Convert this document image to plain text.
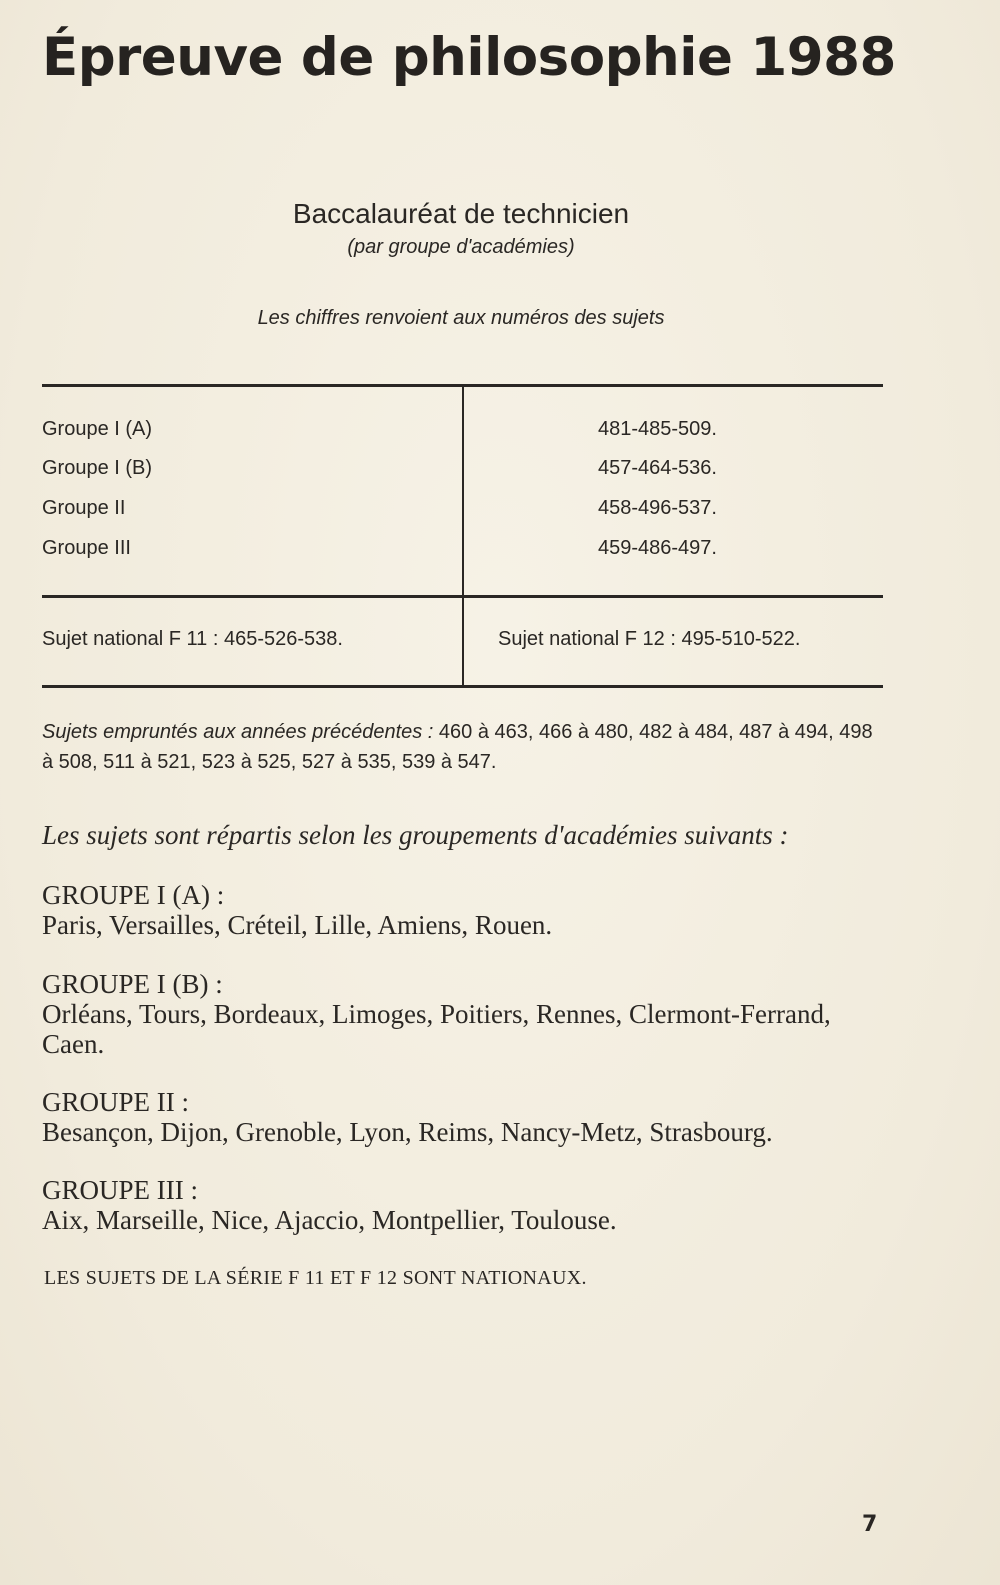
Épreuve de philosophie 1988
Baccalauréat de technicien
(par groupe d'académies)
Les chiffres renvoient aux numéros des sujets
Groupe I (A)	481-485-509.
Groupe I (B)	457-464-536.
Groupe II	458-496-537.
Groupe III	459-486-497.
Sujet national F 11 : 465-526-538.	Sujet national F 12 : 495-510-522.
Sujets empruntés aux années précédentes : 460 à 463, 466 à 480, 482 à 484, 487 à 494, 498 à 508, 511 à 521, 523 à 525, 527 à 535, 539 à 547.
Les sujets sont répartis selon les groupements d'académies suivants :
GROUPE I (A) :
Paris, Versailles, Créteil, Lille, Amiens, Rouen.
GROUPE I (B) :
Orléans, Tours, Bordeaux, Limoges, Poitiers, Rennes, Clermont-Ferrand, Caen.
GROUPE II :
Besançon, Dijon, Grenoble, Lyon, Reims, Nancy-Metz, Strasbourg.
GROUPE III :
Aix, Marseille, Nice, Ajaccio, Montpellier, Toulouse.
LES SUJETS DE LA SÉRIE F 11 ET F 12 SONT NATIONAUX.
7
